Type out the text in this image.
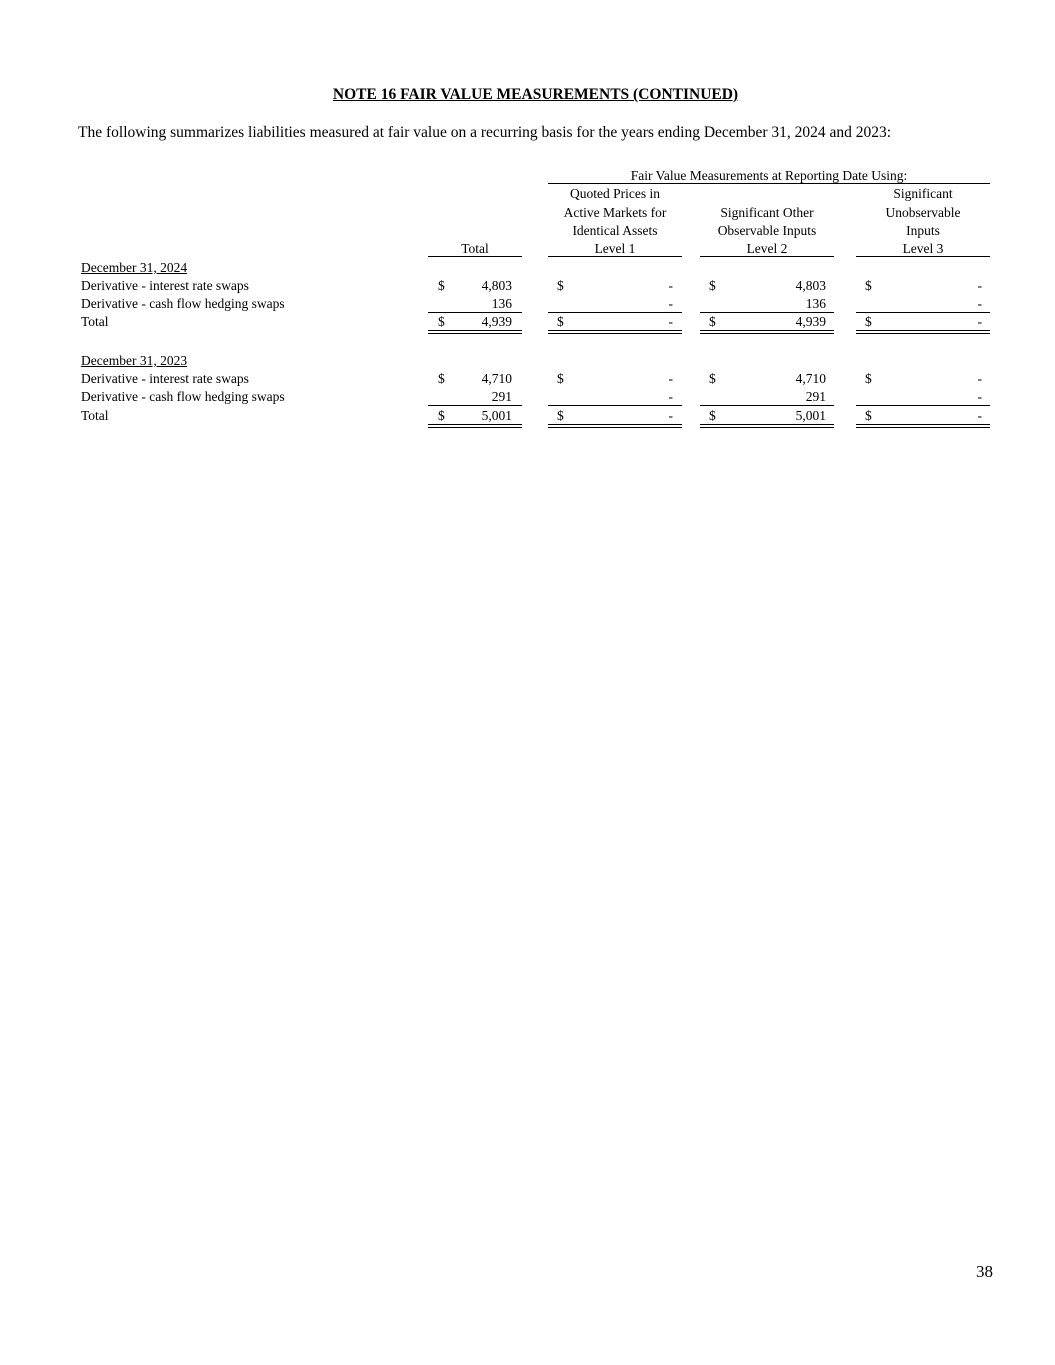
NOTE 16 FAIR VALUE MEASUREMENTS (CONTINUED)
The following summarizes liabilities measured at fair value on a recurring basis for the years ending December 31, 2024 and 2023:
Fair Value Measurements at Reporting Date Using:
Quoted Prices in
Active Markets for
Identical Assets
Level 1
Significant Other
Observable Inputs
Level 2
Significant
Unobservable
Inputs
Level 3
Total
December 31, 2024
Derivative - interest rate swaps	$	4,803	$	-	$	4,803	$	-
Derivative - cash flow hedging swaps	136	-	136	-
Total	$	4,939	$	-	$	4,939	$	-
December 31, 2023
Derivative - interest rate swaps	$	4,710	$	-	$	4,710	$	-
Derivative - cash flow hedging swaps	291	-	291	-
Total	$	5,001	$	-	$	5,001	$	-
38
